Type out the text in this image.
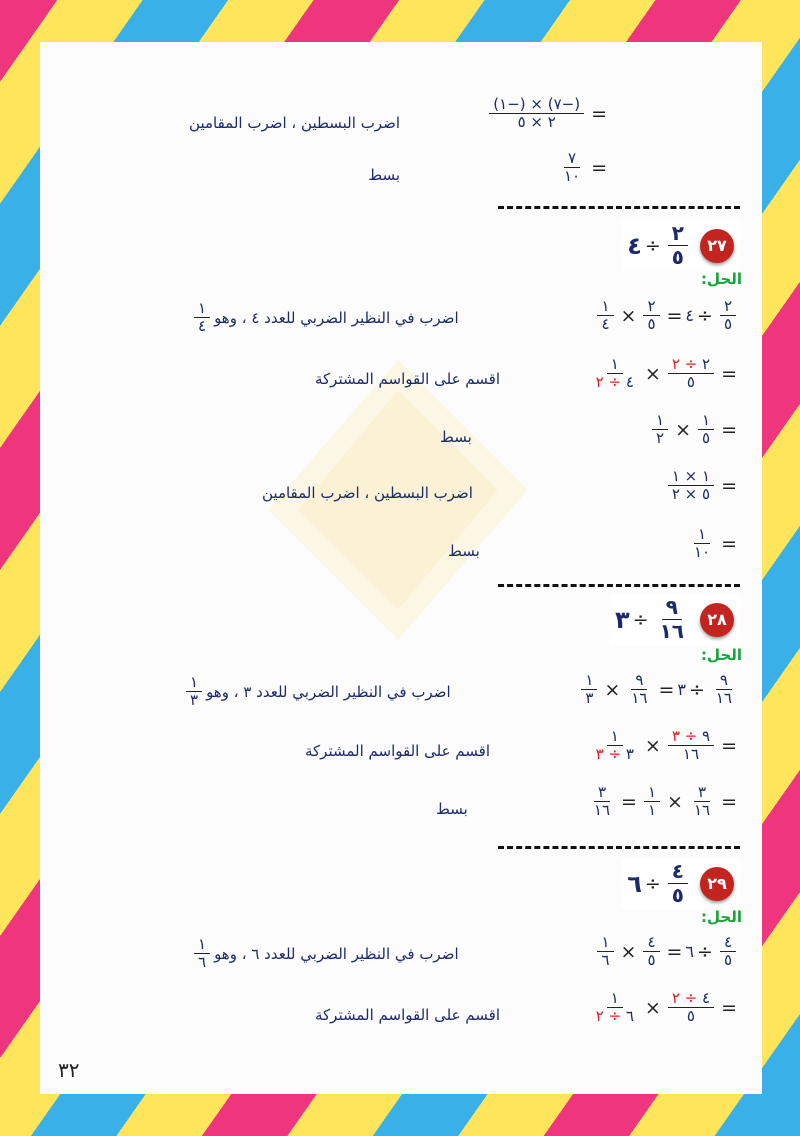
=
$\frac{(-٧) \times (-١)}{٢ \times ٥}$
اضرب البسطين ، اضرب المقامين
=
$\frac{٧}{١٠}$
بسط
٢٧
$\frac{٢}{٥}$
÷
٤
الحل:
$\frac{٢}{٥}$
÷
٤
=
$\frac{٢}{٥}$
×
$\frac{١}{٤}$
اضرب في النظير الضربي للعدد ٤ ، وهو
$\frac{١}{٤}$
=
$\frac{٢ \div ٢}{٥}$
×
$\frac{١}{٤ \div ٢}$
اقسم على القواسم المشتركة
=
$\frac{١}{٥}$
×
$\frac{١}{٢}$
بسط
=
$\frac{١ \times ١}{٥ \times ٢}$
اضرب البسطين ، اضرب المقامين
=
$\frac{١}{١٠}$
بسط
٢٨
$\frac{٩}{١٦}$
÷
٣
الحل:
$\frac{٩}{١٦}$
÷
٣
=
$\frac{٩}{١٦}$
×
$\frac{١}{٣}$
اضرب في النظير الضربي للعدد ٣ ، وهو
$\frac{١}{٣}$
=
$\frac{٩ \div ٣}{١٦}$
×
$\frac{١}{٣ \div ٣}$
اقسم على القواسم المشتركة
=
$\frac{٣}{١٦}$
×
$\frac{١}{١}$
=
$\frac{٣}{١٦}$
بسط
٢٩
$\frac{٤}{٥}$
÷
٦
الحل:
$\frac{٤}{٥}$
÷
٦
=
$\frac{٤}{٥}$
×
$\frac{١}{٦}$
اضرب في النظير الضربي للعدد ٦ ، وهو
$\frac{١}{٦}$
=
$\frac{٤ \div ٢}{٥}$
×
$\frac{١}{٦ \div ٢}$
اقسم على القواسم المشتركة
٣٢
